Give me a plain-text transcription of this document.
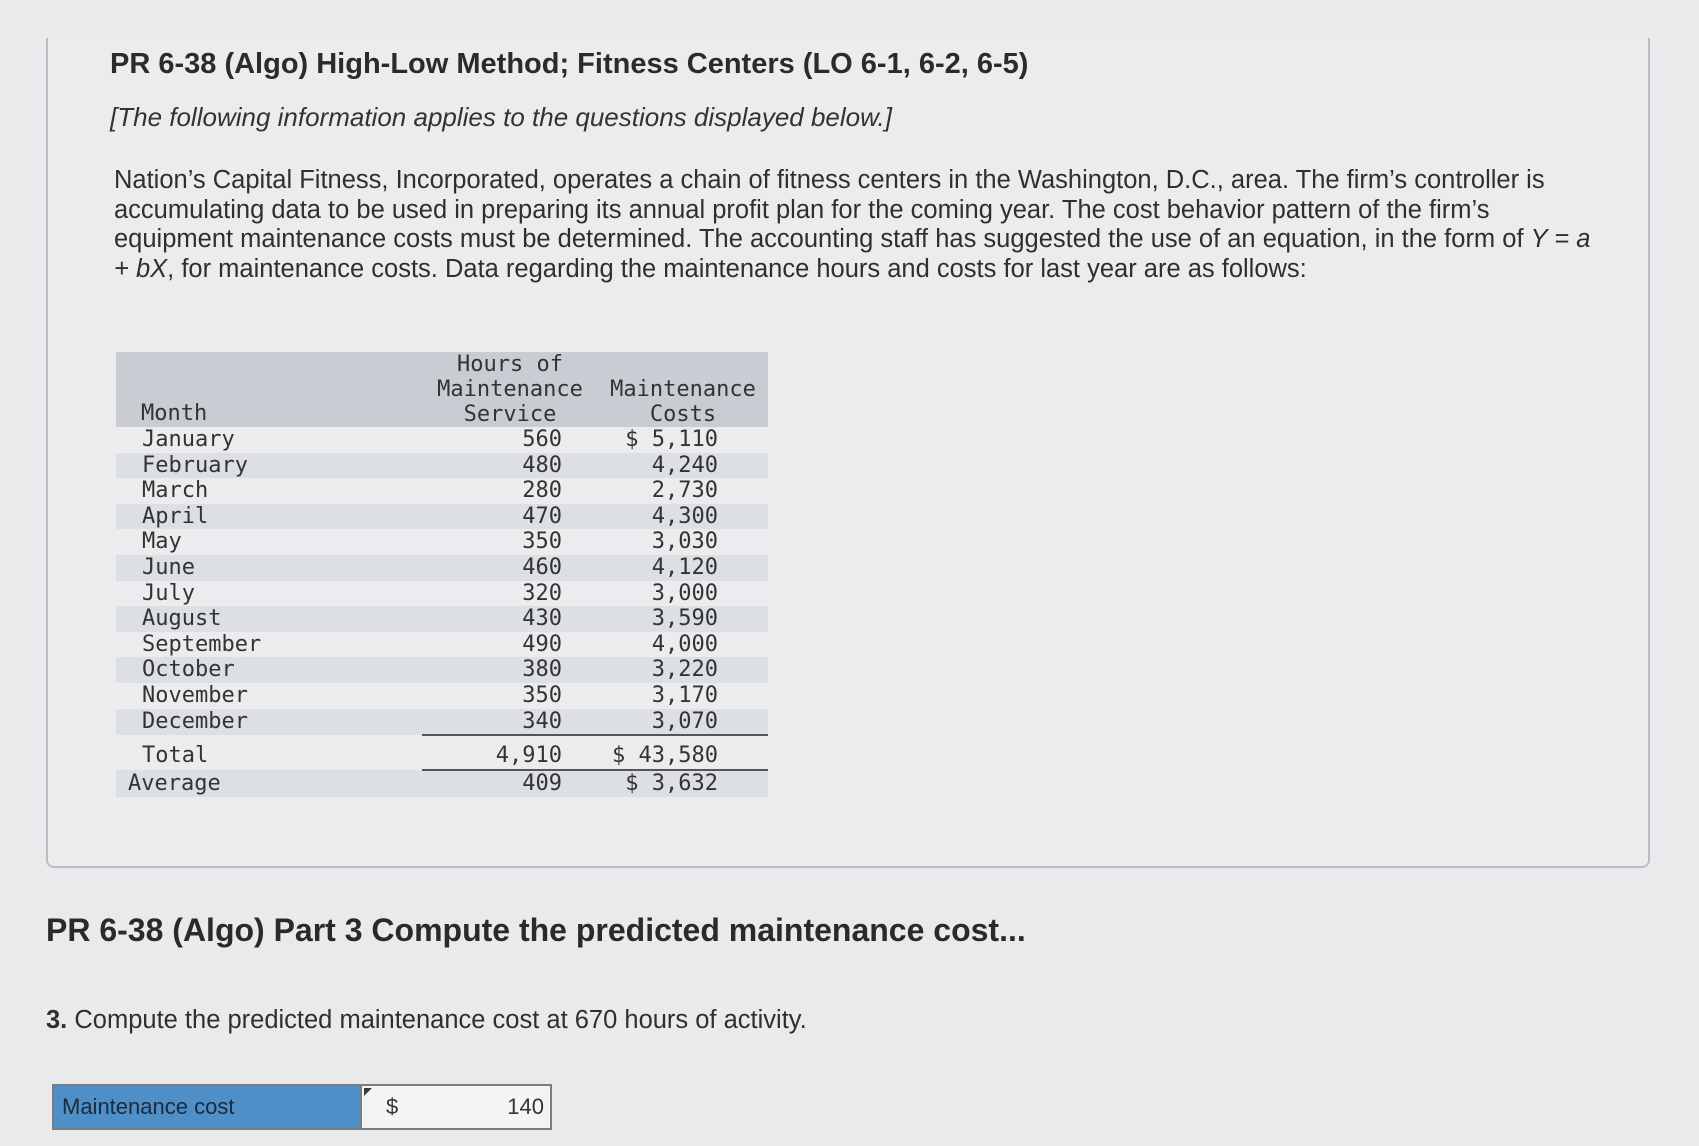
PR 6-38 (Algo) High-Low Method; Fitness Centers (LO 6-1, 6-2, 6-5)
[The following information applies to the questions displayed below.]
Nation’s Capital Fitness, Incorporated, operates a chain of fitness centers in the Washington, D.C., area. The firm’s controller is accumulating data to be used in preparing its annual profit plan for the coming year. The cost behavior pattern of the firm’s equipment maintenance costs must be determined. The accounting staff has suggested the use of an equation, in the form of Y = a + bX, for maintenance costs. Data regarding the maintenance hours and costs for last year are as follows:
Month	Hours of
Maintenance
Service	Maintenance
Costs
January	560	$ 5,110
February	480	4,240
March	280	2,730
April	470	4,300
May	350	3,030
June	460	4,120
July	320	3,000
August	430	3,590
September	490	4,000
October	380	3,220
November	350	3,170
December	340	3,070
Total	4,910	$ 43,580
Average	409	$ 3,632
PR 6-38 (Algo) Part 3 Compute the predicted maintenance cost...
3. Compute the predicted maintenance cost at 670 hours of activity.
Maintenance cost	$
140
